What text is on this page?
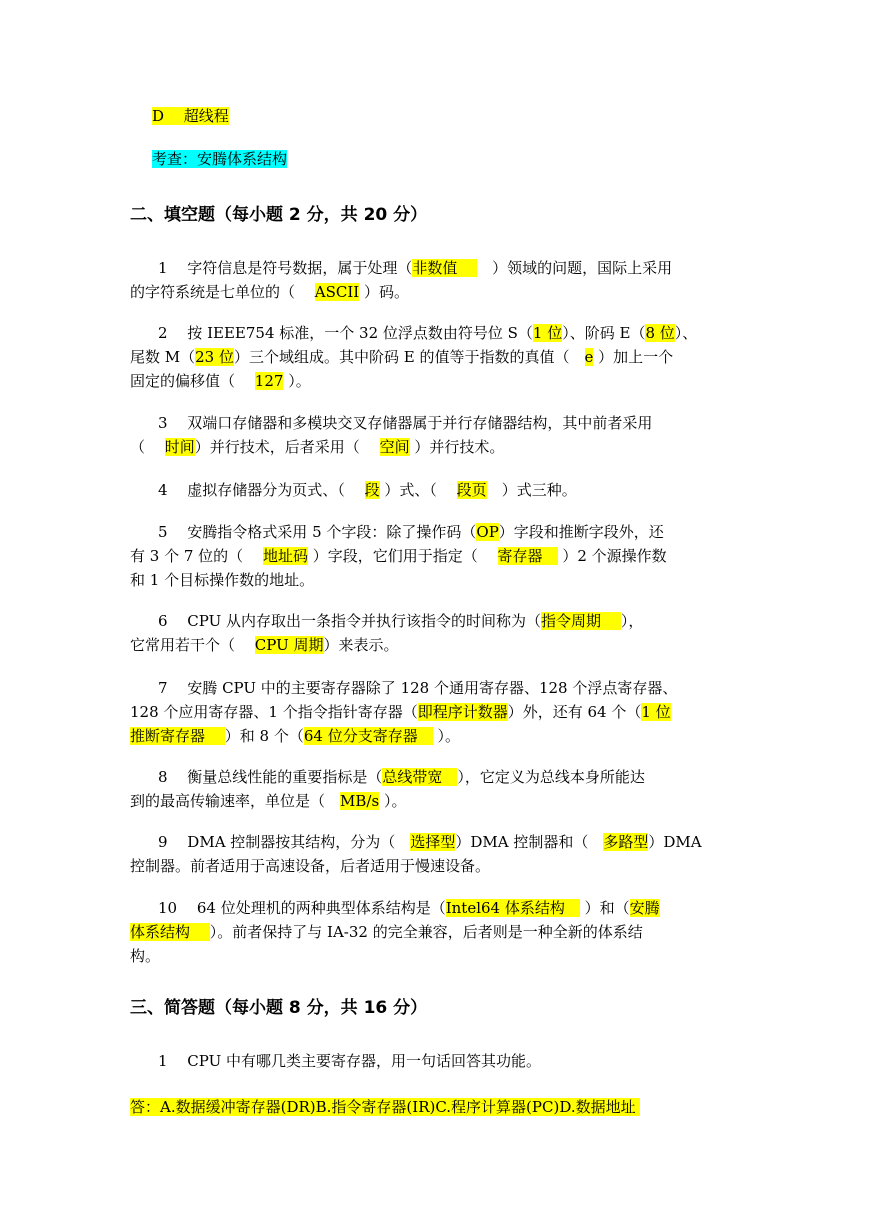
D　 超线程
考查：安腾体系结构
二、填空题（每小题 2 分，共 20 分）
1　 字符信息是符号数据，属于处理（非数值　 　）领域的问题，国际上采用
的字符系统是七单位的（　 ASCII ）码。
2　 按 IEEE754 标准，一个 32 位浮点数由符号位 S（1 位）、阶码 E（8 位）、
尾数 M（23 位）三个域组成。其中阶码 E 的值等于指数的真值（　e ）加上一个
固定的偏移值（　 127 ）。
3　 双端口存储器和多模块交叉存储器属于并行存储器结构，其中前者采用
（　 时间）并行技术，后者采用（　 空间 ）并行技术。
4　 虚拟存储器分为页式、（　 段 ）式、（　 段页　 ）式三种。
5　 安腾指令格式采用 5 个字段：除了操作码（OP）字段和推断字段外，还
有 3 个 7 位的（　 地址码 ）字段，它们用于指定（　 寄存器　 ）2 个源操作数
和 1 个目标操作数的地址。
6　 CPU 从内存取出一条指令并执行该指令的时间称为（指令周期　 ），
它常用若干个（　 CPU 周期）来表示。
7　 安腾 CPU 中的主要寄存器除了 128 个通用寄存器、128 个浮点寄存器、
128 个应用寄存器、1 个指令指针寄存器（即程序计数器）外，还有 64 个（1 位
推断寄存器　 ）和 8 个（64 位分支寄存器　 ）。
8　 衡量总线性能的重要指标是（总线带宽　），它定义为总线本身所能达
到的最高传输速率，单位是（　MB/s ）。
9　 DMA 控制器按其结构，分为（　选择型）DMA 控制器和（　多路型）DMA
控制器。前者适用于高速设备，后者适用于慢速设备。
10　 64 位处理机的两种典型体系结构是（Intel64 体系结构　 ）和（安腾
体系结构　 ）。前者保持了与 IA-32 的完全兼容，后者则是一种全新的体系结
构。
三、简答题（每小题 8 分，共 16 分）
1　 CPU 中有哪几类主要寄存器，用一句话回答其功能。
答：A.数据缓冲寄存器(DR)B.指令寄存器(IR)C.程序计算器(PC)D.数据地址
